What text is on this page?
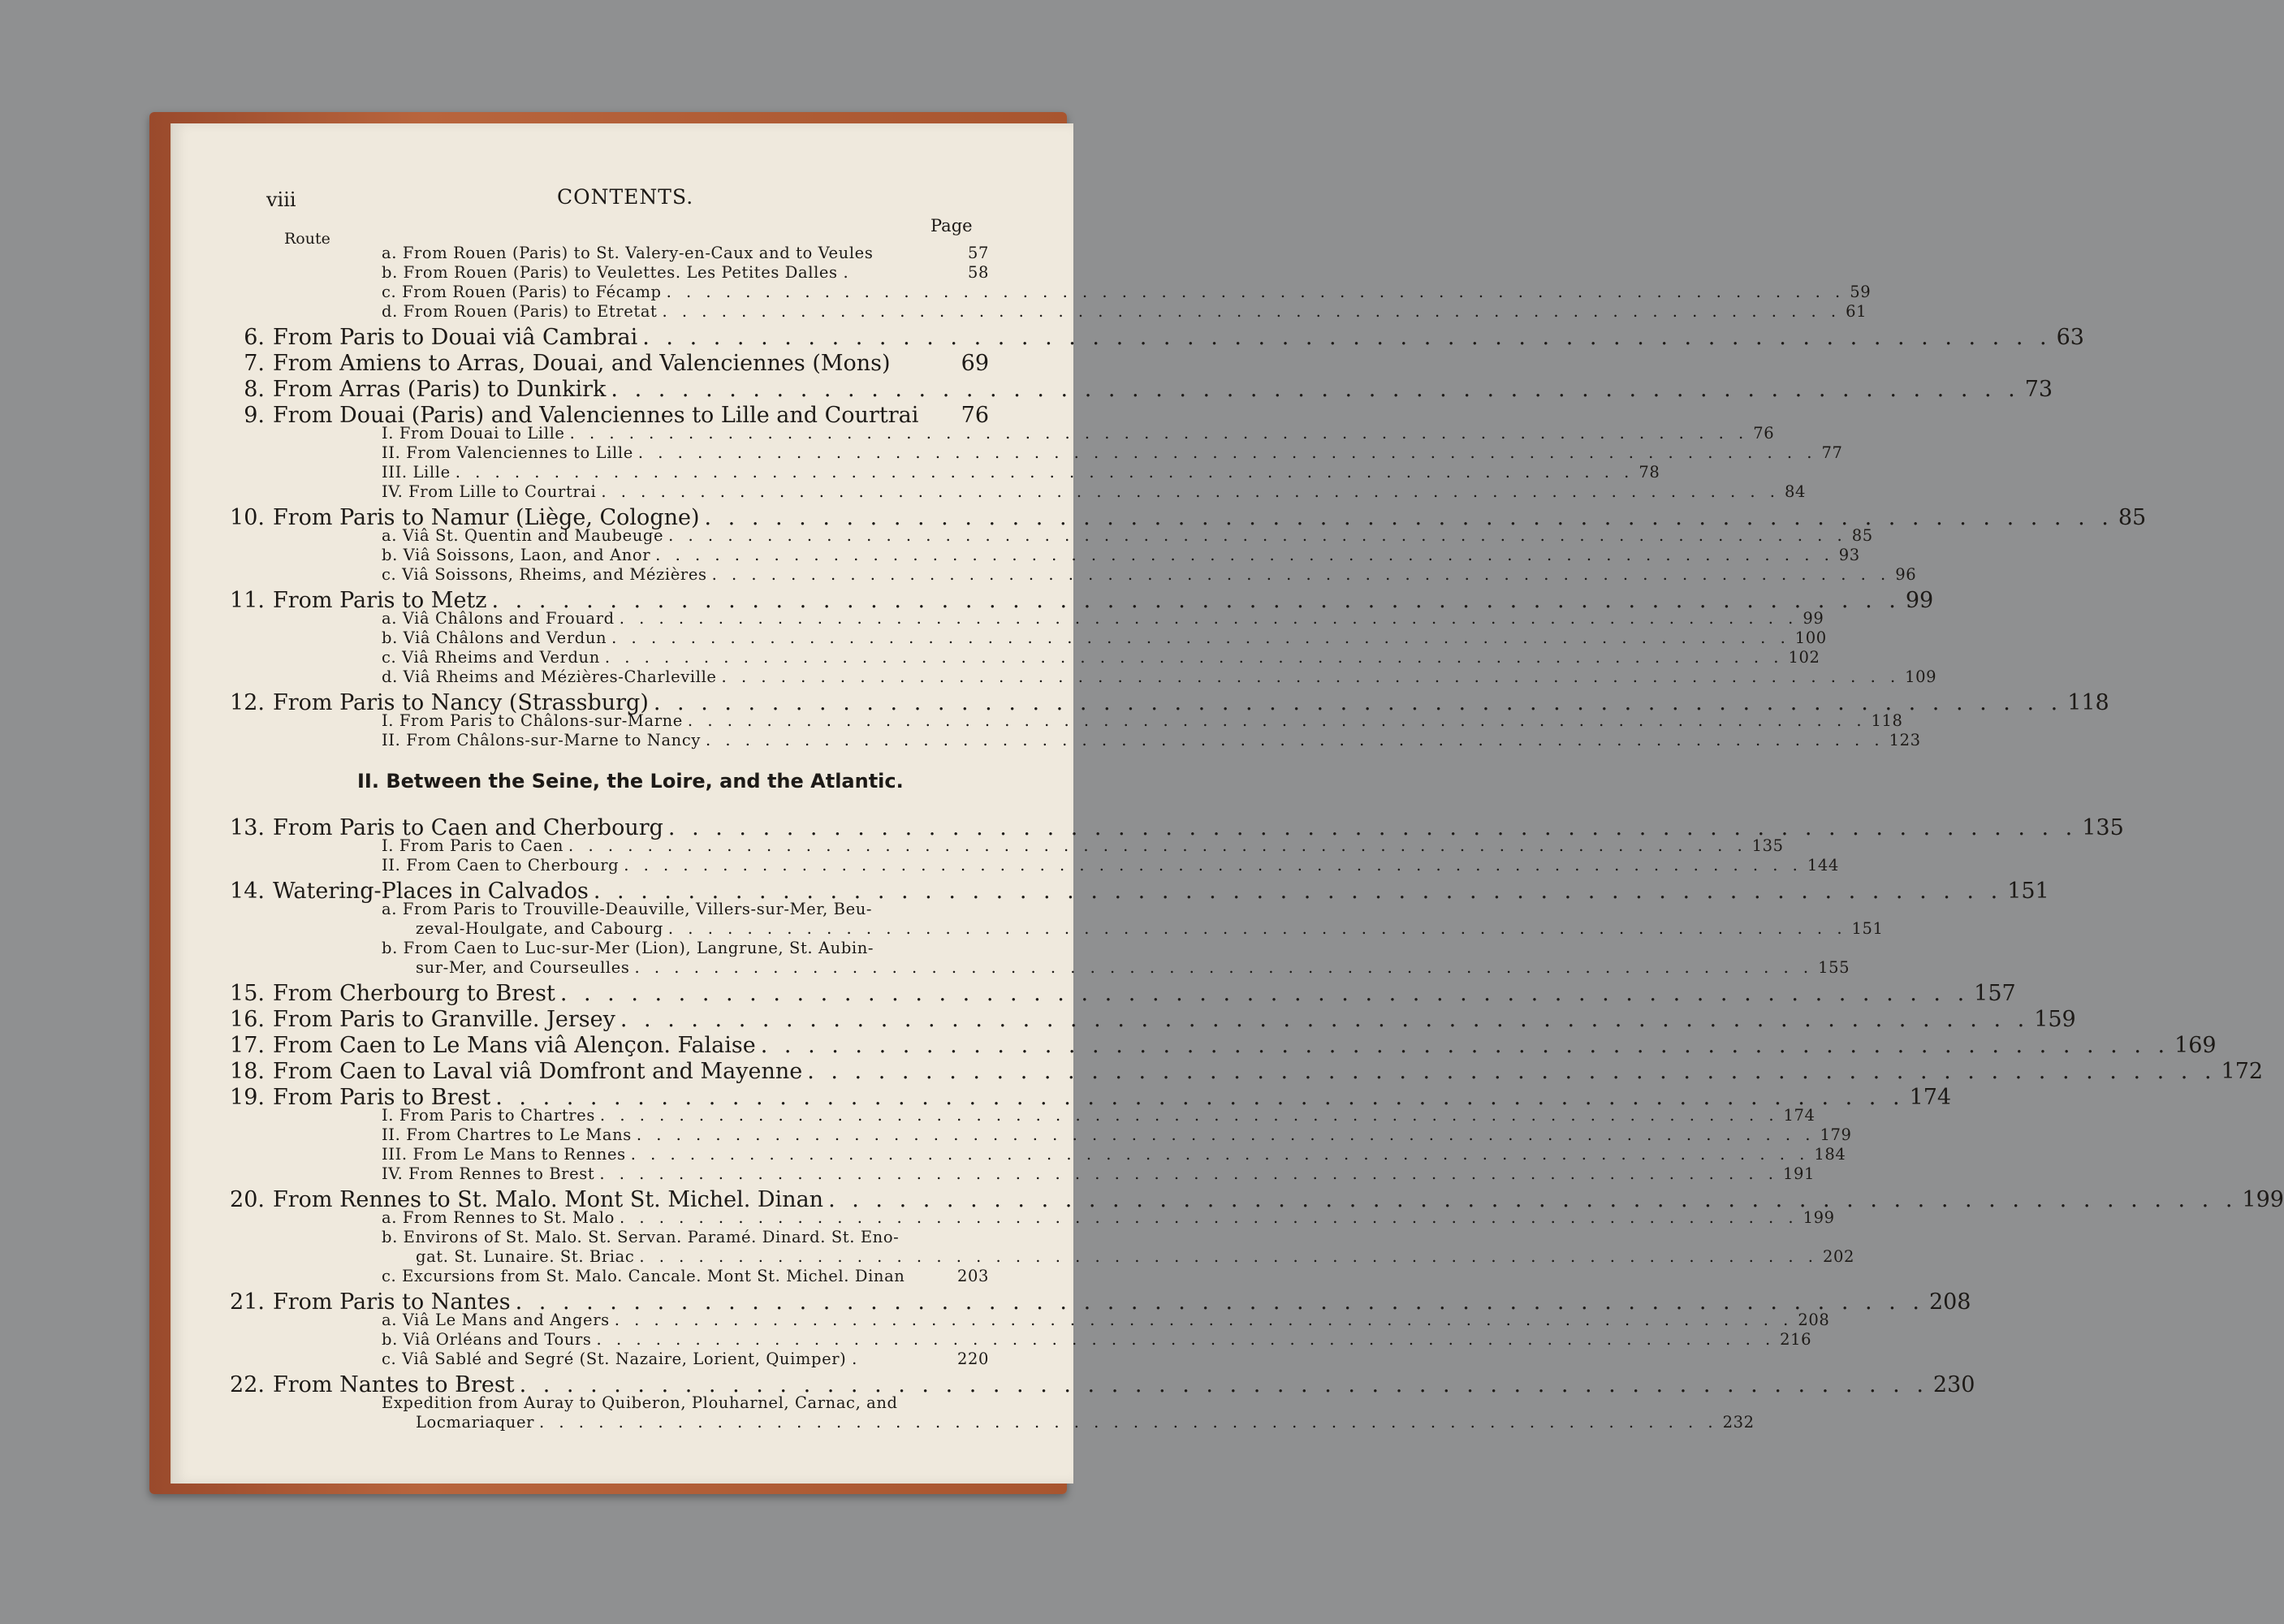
viii	CONTENTS.
Route
Page
II. Between the Seine, the Loire, and the Atlantic.
a. From Rouen (Paris) to St. Valery-en-Caux and to Veules	57
b. From Rouen (Paris) to Veulettes. Les Petites Dalles .	58
c. From Rouen (Paris) to Fécamp . . . . . . . . . . . . . . . . . . . . . . . . . . . . . . . . . . . . . . . . . . . . . . . . . . . . . . . . . . . . 59
d. From Rouen (Paris) to Etretat . . . . . . . . . . . . . . . . . . . . . . . . . . . . . . . . . . . . . . . . . . . . . . . . . . . . . . . . . . . . 61
6. From Paris to Douai viâ Cambrai . . . . . . . . . . . . . . . . . . . . . . . . . . . . . . . . . . . . . . . . . . . . . . . . . . . . . . . . . . . . 63
7. From Amiens to Arras, Douai, and Valenciennes (Mons)	69
8. From Arras (Paris) to Dunkirk . . . . . . . . . . . . . . . . . . . . . . . . . . . . . . . . . . . . . . . . . . . . . . . . . . . . . . . . . . . . 73
9. From Douai (Paris) and Valenciennes to Lille and Courtrai 76
I. From Douai to Lille . . . . . . . . . . . . . . . . . . . . . . . . . . . . . . . . . . . . . . . . . . . . . . . . . . . . . . . . . . . . 76
II. From Valenciennes to Lille . . . . . . . . . . . . . . . . . . . . . . . . . . . . . . . . . . . . . . . . . . . . . . . . . . . . . . . . . . . . 77
III. Lille . . . . . . . . . . . . . . . . . . . . . . . . . . . . . . . . . . . . . . . . . . . . . . . . . . . . . . . . . . . . 78
IV. From Lille to Courtrai . . . . . . . . . . . . . . . . . . . . . . . . . . . . . . . . . . . . . . . . . . . . . . . . . . . . . . . . . . . . 84
10. From Paris to Namur (Liège, Cologne) . . . . . . . . . . . . . . . . . . . . . . . . . . . . . . . . . . . . . . . . . . . . . . . . . . . . . . . . . . . . 85
a. Viâ St. Quentin and Maubeuge . . . . . . . . . . . . . . . . . . . . . . . . . . . . . . . . . . . . . . . . . . . . . . . . . . . . . . . . . . . . 85
b. Viâ Soissons, Laon, and Anor . . . . . . . . . . . . . . . . . . . . . . . . . . . . . . . . . . . . . . . . . . . . . . . . . . . . . . . . . . . . 93
c. Viâ Soissons, Rheims, and Mézières . . . . . . . . . . . . . . . . . . . . . . . . . . . . . . . . . . . . . . . . . . . . . . . . . . . . . . . . . . . . 96
11. From Paris to Metz . . . . . . . . . . . . . . . . . . . . . . . . . . . . . . . . . . . . . . . . . . . . . . . . . . . . . . . . . . . . 99
a. Viâ Châlons and Frouard . . . . . . . . . . . . . . . . . . . . . . . . . . . . . . . . . . . . . . . . . . . . . . . . . . . . . . . . . . . . 99
b. Viâ Châlons and Verdun . . . . . . . . . . . . . . . . . . . . . . . . . . . . . . . . . . . . . . . . . . . . . . . . . . . . . . . . . . . . 100
c. Viâ Rheims and Verdun . . . . . . . . . . . . . . . . . . . . . . . . . . . . . . . . . . . . . . . . . . . . . . . . . . . . . . . . . . . . 102
d. Viâ Rheims and Mézières-Charleville . . . . . . . . . . . . . . . . . . . . . . . . . . . . . . . . . . . . . . . . . . . . . . . . . . . . . . . . . . . . 109
12. From Paris to Nancy (Strassburg) . . . . . . . . . . . . . . . . . . . . . . . . . . . . . . . . . . . . . . . . . . . . . . . . . . . . . . . . . . . . 118
I. From Paris to Châlons-sur-Marne . . . . . . . . . . . . . . . . . . . . . . . . . . . . . . . . . . . . . . . . . . . . . . . . . . . . . . . . . . . . 118
II. From Châlons-sur-Marne to Nancy . . . . . . . . . . . . . . . . . . . . . . . . . . . . . . . . . . . . . . . . . . . . . . . . . . . . . . . . . . . . 123
13. From Paris to Caen and Cherbourg . . . . . . . . . . . . . . . . . . . . . . . . . . . . . . . . . . . . . . . . . . . . . . . . . . . . . . . . . . . . 135
I. From Paris to Caen . . . . . . . . . . . . . . . . . . . . . . . . . . . . . . . . . . . . . . . . . . . . . . . . . . . . . . . . . . . . 135
II. From Caen to Cherbourg . . . . . . . . . . . . . . . . . . . . . . . . . . . . . . . . . . . . . . . . . . . . . . . . . . . . . . . . . . . . 144
14. Watering-Places in Calvados . . . . . . . . . . . . . . . . . . . . . . . . . . . . . . . . . . . . . . . . . . . . . . . . . . . . . . . . . . . . 151
a. From Paris to Trouville-Deauville, Villers-sur-Mer, Beu-
zeval-Houlgate, and Cabourg . . . . . . . . . . . . . . . . . . . . . . . . . . . . . . . . . . . . . . . . . . . . . . . . . . . . . . . . . . . . 151
b. From Caen to Luc-sur-Mer (Lion), Langrune, St. Aubin-
sur-Mer, and Courseulles . . . . . . . . . . . . . . . . . . . . . . . . . . . . . . . . . . . . . . . . . . . . . . . . . . . . . . . . . . . . 155
15. From Cherbourg to Brest . . . . . . . . . . . . . . . . . . . . . . . . . . . . . . . . . . . . . . . . . . . . . . . . . . . . . . . . . . . . 157
16. From Paris to Granville. Jersey . . . . . . . . . . . . . . . . . . . . . . . . . . . . . . . . . . . . . . . . . . . . . . . . . . . . . . . . . . . . 159
17. From Caen to Le Mans viâ Alençon. Falaise . . . . . . . . . . . . . . . . . . . . . . . . . . . . . . . . . . . . . . . . . . . . . . . . . . . . . . . . . . . . 169
18. From Caen to Laval viâ Domfront and Mayenne . . . . . . . . . . . . . . . . . . . . . . . . . . . . . . . . . . . . . . . . . . . . . . . . . . . . . . . . . . . . 172
19. From Paris to Brest . . . . . . . . . . . . . . . . . . . . . . . . . . . . . . . . . . . . . . . . . . . . . . . . . . . . . . . . . . . . 174
I. From Paris to Chartres . . . . . . . . . . . . . . . . . . . . . . . . . . . . . . . . . . . . . . . . . . . . . . . . . . . . . . . . . . . . 174
II. From Chartres to Le Mans . . . . . . . . . . . . . . . . . . . . . . . . . . . . . . . . . . . . . . . . . . . . . . . . . . . . . . . . . . . . 179
III. From Le Mans to Rennes . . . . . . . . . . . . . . . . . . . . . . . . . . . . . . . . . . . . . . . . . . . . . . . . . . . . . . . . . . . . 184
IV. From Rennes to Brest . . . . . . . . . . . . . . . . . . . . . . . . . . . . . . . . . . . . . . . . . . . . . . . . . . . . . . . . . . . . 191
20. From Rennes to St. Malo. Mont St. Michel. Dinan . . . . . . . . . . . . . . . . . . . . . . . . . . . . . . . . . . . . . . . . . . . . . . . . . . . . . . . . . . . . 199
a. From Rennes to St. Malo . . . . . . . . . . . . . . . . . . . . . . . . . . . . . . . . . . . . . . . . . . . . . . . . . . . . . . . . . . . . 199
b. Environs of St. Malo. St. Servan. Paramé. Dinard. St. Eno-
gat. St. Lunaire. St. Briac . . . . . . . . . . . . . . . . . . . . . . . . . . . . . . . . . . . . . . . . . . . . . . . . . . . . . . . . . . . . 202
c. Excursions from St. Malo. Cancale. Mont St. Michel. Dinan	203
21. From Paris to Nantes . . . . . . . . . . . . . . . . . . . . . . . . . . . . . . . . . . . . . . . . . . . . . . . . . . . . . . . . . . . . 208
a. Viâ Le Mans and Angers . . . . . . . . . . . . . . . . . . . . . . . . . . . . . . . . . . . . . . . . . . . . . . . . . . . . . . . . . . . . 208
b. Viâ Orléans and Tours . . . . . . . . . . . . . . . . . . . . . . . . . . . . . . . . . . . . . . . . . . . . . . . . . . . . . . . . . . . . 216
c. Viâ Sablé and Segré (St. Nazaire, Lorient, Quimper) .	220
22. From Nantes to Brest . . . . . . . . . . . . . . . . . . . . . . . . . . . . . . . . . . . . . . . . . . . . . . . . . . . . . . . . . . . . 230
Expedition from Auray to Quiberon, Plouharnel, Carnac, and
Locmariaquer . . . . . . . . . . . . . . . . . . . . . . . . . . . . . . . . . . . . . . . . . . . . . . . . . . . . . . . . . . . . 232
